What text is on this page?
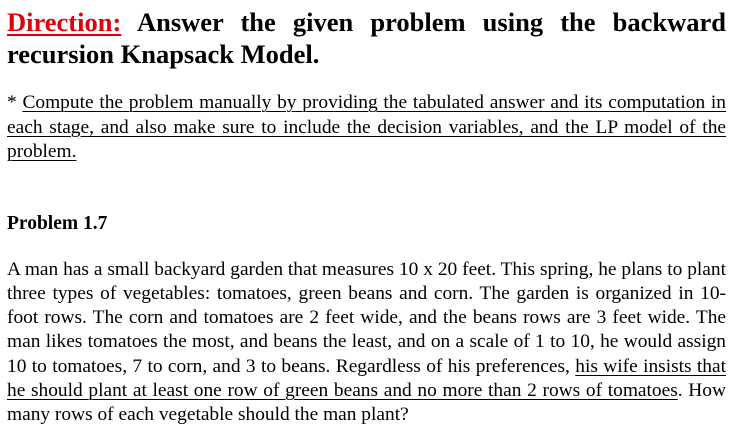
Direction: Answer the given problem using the backward recursion Knapsack Model.

* Compute the problem manually by providing the tabulated answer and its computation in each stage, and also make sure to include the decision variables, and the LP model of the problem.

Problem 1.7

A man has a small backyard garden that measures 10 x 20 feet. This spring, he plans to plant three types of vegetables: tomatoes, green beans and corn. The garden is organized in 10-foot rows. The corn and tomatoes are 2 feet wide, and the beans rows are 3 feet wide. The man likes tomatoes the most, and beans the least, and on a scale of 1 to 10, he would assign 10 to tomatoes, 7 to corn, and 3 to beans. Regardless of his preferences, his wife insists that he should plant at least one row of green beans and no more than 2 rows of tomatoes. How many rows of each vegetable should the man plant?
